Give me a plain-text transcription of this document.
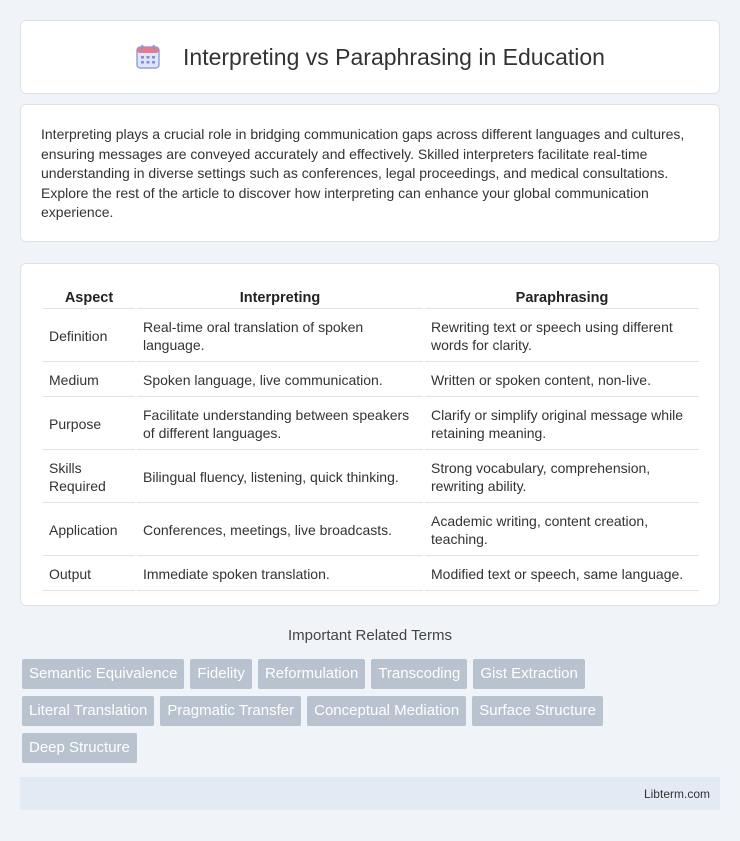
Interpreting vs Paraphrasing in Education

Interpreting plays a crucial role in bridging communication gaps across different languages and cultures, ensuring messages are conveyed accurately and effectively. Skilled interpreters facilitate real-time understanding in diverse settings such as conferences, legal proceedings, and medical consultations. Explore the rest of the article to discover how interpreting can enhance your global communication experience.

Aspect	Interpreting	Paraphrasing
Definition	Real-time oral translation of spoken language.	Rewriting text or speech using different words for clarity.
Medium	Spoken language, live communication.	Written or spoken content, non-live.
Purpose	Facilitate understanding between speakers of different languages.	Clarify or simplify original message while retaining meaning.
Skills Required	Bilingual fluency, listening, quick thinking.	Strong vocabulary, comprehension, rewriting ability.
Application	Conferences, meetings, live broadcasts.	Academic writing, content creation, teaching.
Output	Immediate spoken translation.	Modified text or speech, same language.
Important Related Terms
Semantic Equivalence	Fidelity	Reformulation	Transcoding	Gist Extraction
Literal Translation	Pragmatic Transfer	Conceptual Mediation	Surface Structure
Deep Structure
Libterm.com
